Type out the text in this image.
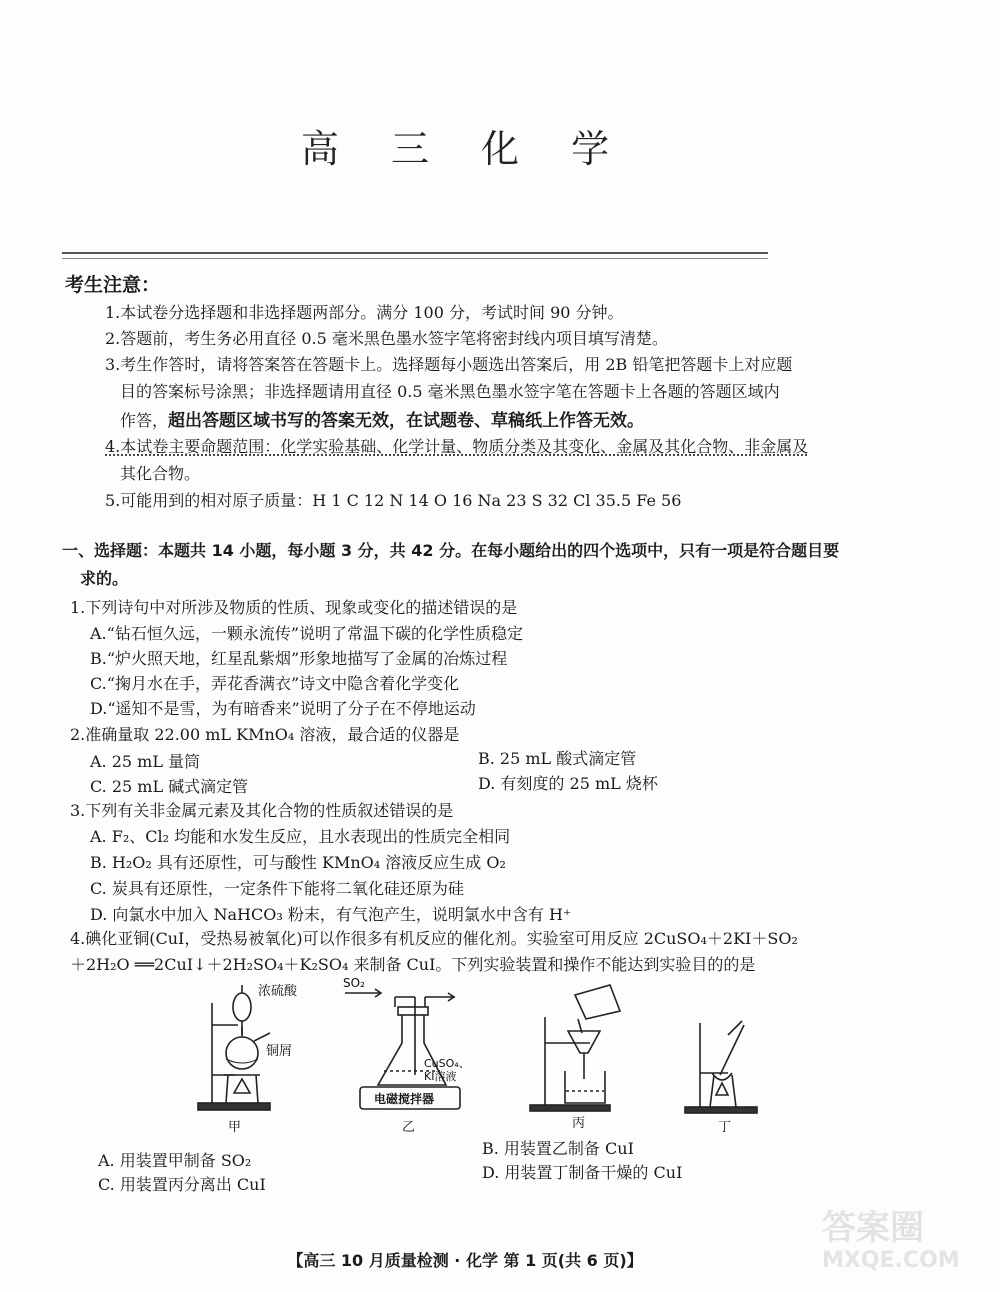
高 三 化 学
考生注意：
1.本试卷分选择题和非选择题两部分。满分 100 分，考试时间 90 分钟。
2.答题前，考生务必用直径 0.5 毫米黑色墨水签字笔将密封线内项目填写清楚。
3.考生作答时，请将答案答在答题卡上。选择题每小题选出答案后，用 2B 铅笔把答题卡上对应题
目的答案标号涂黑；非选择题请用直径 0.5 毫米黑色墨水签字笔在答题卡上各题的答题区域内
作答，超出答题区域书写的答案无效，在试题卷、草稿纸上作答无效。
4.本试卷主要命题范围：化学实验基础、化学计量、物质分类及其变化、金属及其化合物、非金属及
其化合物。
5.可能用到的相对原子质量：H 1 C 12 N 14 O 16 Na 23 S 32 Cl 35.5 Fe 56
一、选择题：本题共 14 小题，每小题 3 分，共 42 分。在每小题给出的四个选项中，只有一项是符合题目要
求的。
1.下列诗句中对所涉及物质的性质、现象或变化的描述错误的是
A.“钻石恒久远，一颗永流传”说明了常温下碳的化学性质稳定
B.“炉火照天地，红星乱紫烟”形象地描写了金属的冶炼过程
C.“掬月水在手，弄花香满衣”诗文中隐含着化学变化
D.“遥知不是雪，为有暗香来”说明了分子在不停地运动
2.准确量取 22.00 mL KMnO₄ 溶液，最合适的仪器是
A. 25 mL 量筒	B. 25 mL 酸式滴定管
C. 25 mL 碱式滴定管	D. 有刻度的 25 mL 烧杯
3.下列有关非金属元素及其化合物的性质叙述错误的是
A. F₂、Cl₂ 均能和水发生反应，且水表现出的性质完全相同
B. H₂O₂ 具有还原性，可与酸性 KMnO₄ 溶液反应生成 O₂
C. 炭具有还原性，一定条件下能将二氧化硅还原为硅
D. 向氯水中加入 NaHCO₃ 粉末，有气泡产生，说明氯水中含有 H⁺
4.碘化亚铜(CuI，受热易被氧化)可以作很多有机反应的催化剂。实验室可用反应 2CuSO₄＋2KI＋SO₂
＋2H₂O ══2CuI↓＋2H₂SO₄＋K₂SO₄ 来制备 CuI。下列实验装置和操作不能达到实验目的的是
浓硫酸
铜屑
SO₂
CuSO₄、
KI溶液
电磁搅拌器
甲	乙	丙	丁
A. 用装置甲制备 SO₂
B. 用装置乙制备 CuI
C. 用装置丙分离出 CuI
D. 用装置丁制备干燥的 CuI
【高三 10 月质量检测 · 化学 第 1 页(共 6 页)】
答案圈
MXQE.COM
